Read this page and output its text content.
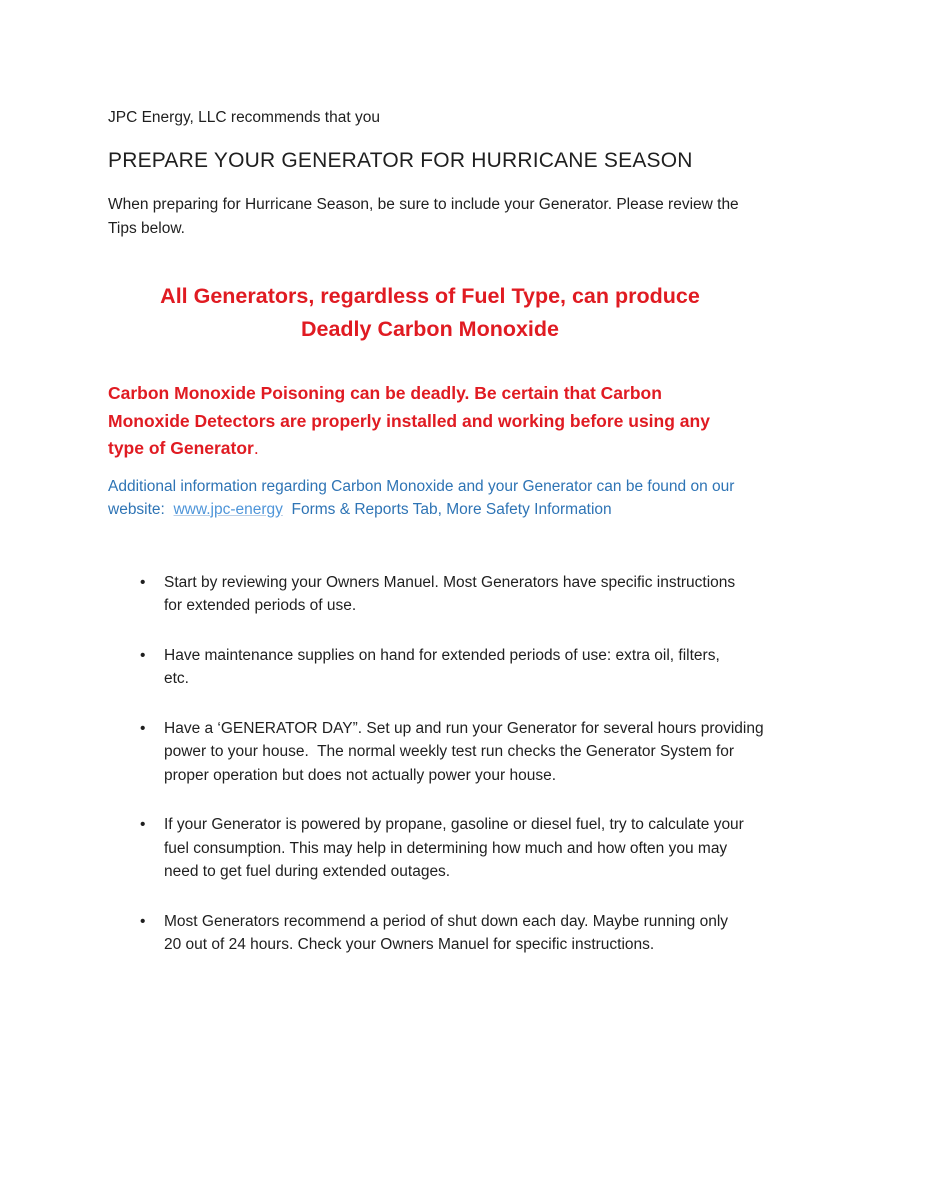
JPC Energy, LLC recommends that you
PREPARE YOUR GENERATOR FOR HURRICANE SEASON
When preparing for Hurricane Season, be sure to include your Generator. Please review the
Tips below.
All Generators, regardless of Fuel Type, can produce
Deadly Carbon Monoxide
Carbon Monoxide Poisoning can be deadly. Be certain that Carbon
Monoxide Detectors are properly installed and working before using any
type of Generator.
Additional information regarding Carbon Monoxide and your Generator can be found on our
website:  www.jpc-energy  Forms & Reports Tab, More Safety Information
•	Start by reviewing your Owners Manuel. Most Generators have specific instructions
for extended periods of use.
•	Have maintenance supplies on hand for extended periods of use: extra oil, filters,
etc.
•	Have a ‘GENERATOR DAY”. Set up and run your Generator for several hours providing
power to your house.  The normal weekly test run checks the Generator System for
proper operation but does not actually power your house.
•	If your Generator is powered by propane, gasoline or diesel fuel, try to calculate your
fuel consumption. This may help in determining how much and how often you may
need to get fuel during extended outages.
•	Most Generators recommend a period of shut down each day. Maybe running only
20 out of 24 hours. Check your Owners Manuel for specific instructions.
